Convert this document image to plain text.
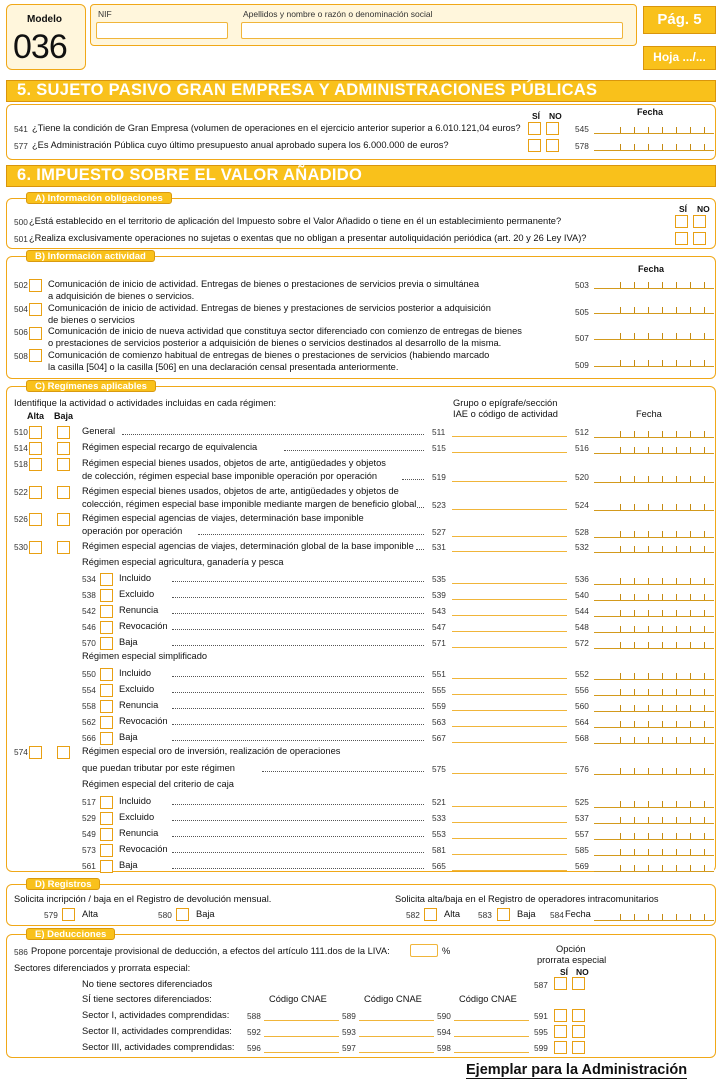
Modelo
036
NIF	Apellidos y nombre o razón o denominación social	Pág. 5
Hoja .../...
5. SUJETO PASIVO GRAN EMPRESA Y ADMINISTRACIONES PÚBLICAS
SÍ NO	Fecha
541 ¿Tiene la condición de Gran Empresa (volumen de operaciones en el ejercicio anterior superior a 6.010.121,04 euros?	545
577 ¿Es Administración Pública cuyo último presupuesto anual aprobado supera los 6.000.000 de euros?	578
6. IMPUESTO SOBRE EL VALOR AÑADIDO
A) Información obligaciones
SÍ NO
500 ¿Está establecido en el territorio de aplicación del Impuesto sobre el Valor Añadido o tiene en él un establecimiento permanente?
501 ¿Realiza exclusivamente operaciones no sujetas o exentas que no obligan a presentar autoliquidación periódica (art. 20 y 26 Ley IVA)?
B) Información actividad
Fecha
502 Comunicación de inicio de actividad. Entregas de bienes o prestaciones de servicios previa o simultánea
a adquisición de bienes o servicios.
503
504 Comunicación de inicio de actividad. Entregas de bienes y prestaciones de servicios posterior a adquisición
de bienes o servicios
505
506 Comunicación de inicio de nueva actividad que constituya sector diferenciado con comienzo de entregas de bienes
o prestaciones de servicios posterior a adquisición de bienes o servicios destinados al desarrollo de la misma.	507
508 Comunicación de comienzo habitual de entregas de bienes o prestaciones de servicios (habiendo marcado
la casilla [504] o la casilla [506] en una declaración censal presentada anteriormente.	509
C) Regímenes aplicables
Identifique la actividad o actividades incluidas en cada régimen:
Alta Baja
Grupo o epígrafe/sección
IAE o código de actividad	Fecha
510	General	511	512
514	Régimen especial recargo de equivalencia	515	516
518	Régimen especial bienes usados, objetos de arte, antigüedades y objetos
de colección, régimen especial base imponible operación por operación	519	520
522	Régimen especial bienes usados, objetos de arte, antigüedades y objetos de
colección, régimen especial base imponible mediante margen de beneficio global 523	524
526	Régimen especial agencias de viajes, determinación base imponible
operación por operación	527	528
530	Régimen especial agencias de viajes, determinación global de la base imponible 531	532
Régimen especial agricultura, ganadería y pesca
534 Incluido	535	536
538 Excluido	539	540
542 Renuncia	543	544
546 Revocación	547	548
570 Baja	571	572
Régimen especial simplificado
550 Incluido	551	552
554 Excluido	555	556
558 Renuncia	559	560
562 Revocación	563	564
566 Baja	567	568
574	Régimen especial oro de inversión, realización de operaciones
que puedan tributar por este régimen	575	576
Régimen especial del criterio de caja
517 Incluido	521	525
529 Excluido	533	537
549 Renuncia	553	557
573 Revocación	581	585
561 Baja	565	569
D) Registros
Solicita incripción / baja en el Registro de devolución mensual.	Solicita alta/baja en el Registro de operadores intracomunitarios
579	Alta	580	Baja	582	Alta 583	Baja 584 Fecha
E) Deducciones
586 Propone porcentaje provisional de deducción, a efectos del artículo 111.dos de la LIVA:	%	Opción
prorrata especial
SÍ NO
Sectores diferenciados y prorrata especial:
No tiene sectores diferenciados	587
SÍ tiene sectores diferenciados:	Código CNAE	Código CNAE	Código CNAE
Sector I, actividades comprendidas: 588	589	590	591
Sector II, actividades comprendidas: 592	593	594	595
Sector III, actividades comprendidas: 596	597	598	599
Ejemplar para la Administración
